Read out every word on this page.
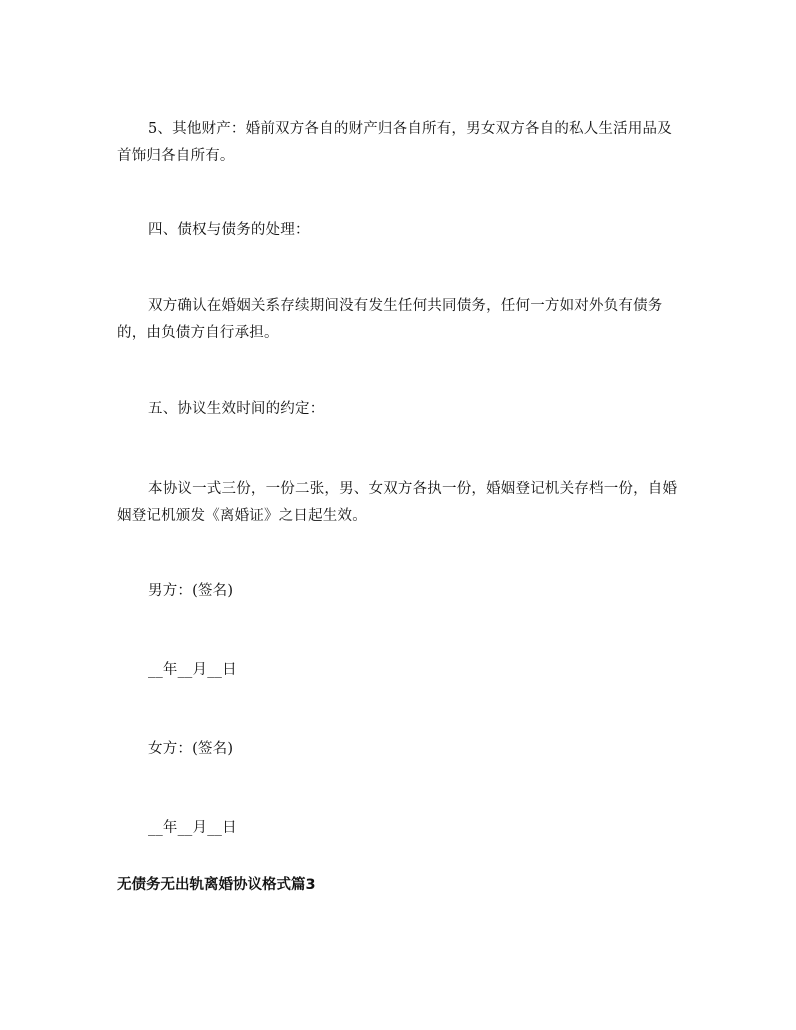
5、其他财产：婚前双方各自的财产归各自所有，男女双方各自的私人生活用品及首饰归各自所有。

四、债权与债务的处理：

双方确认在婚姻关系存续期间没有发生任何共同债务，任何一方如对外负有债务的，由负债方自行承担。

五、协议生效时间的约定：

本协议一式三份，一份二张，男、女双方各执一份，婚姻登记机关存档一份，自婚姻登记机颁发《离婚证》之日起生效。

男方：(签名)

__年__月__日

女方：(签名)

__年__月__日

无债务无出轨离婚协议格式篇3
